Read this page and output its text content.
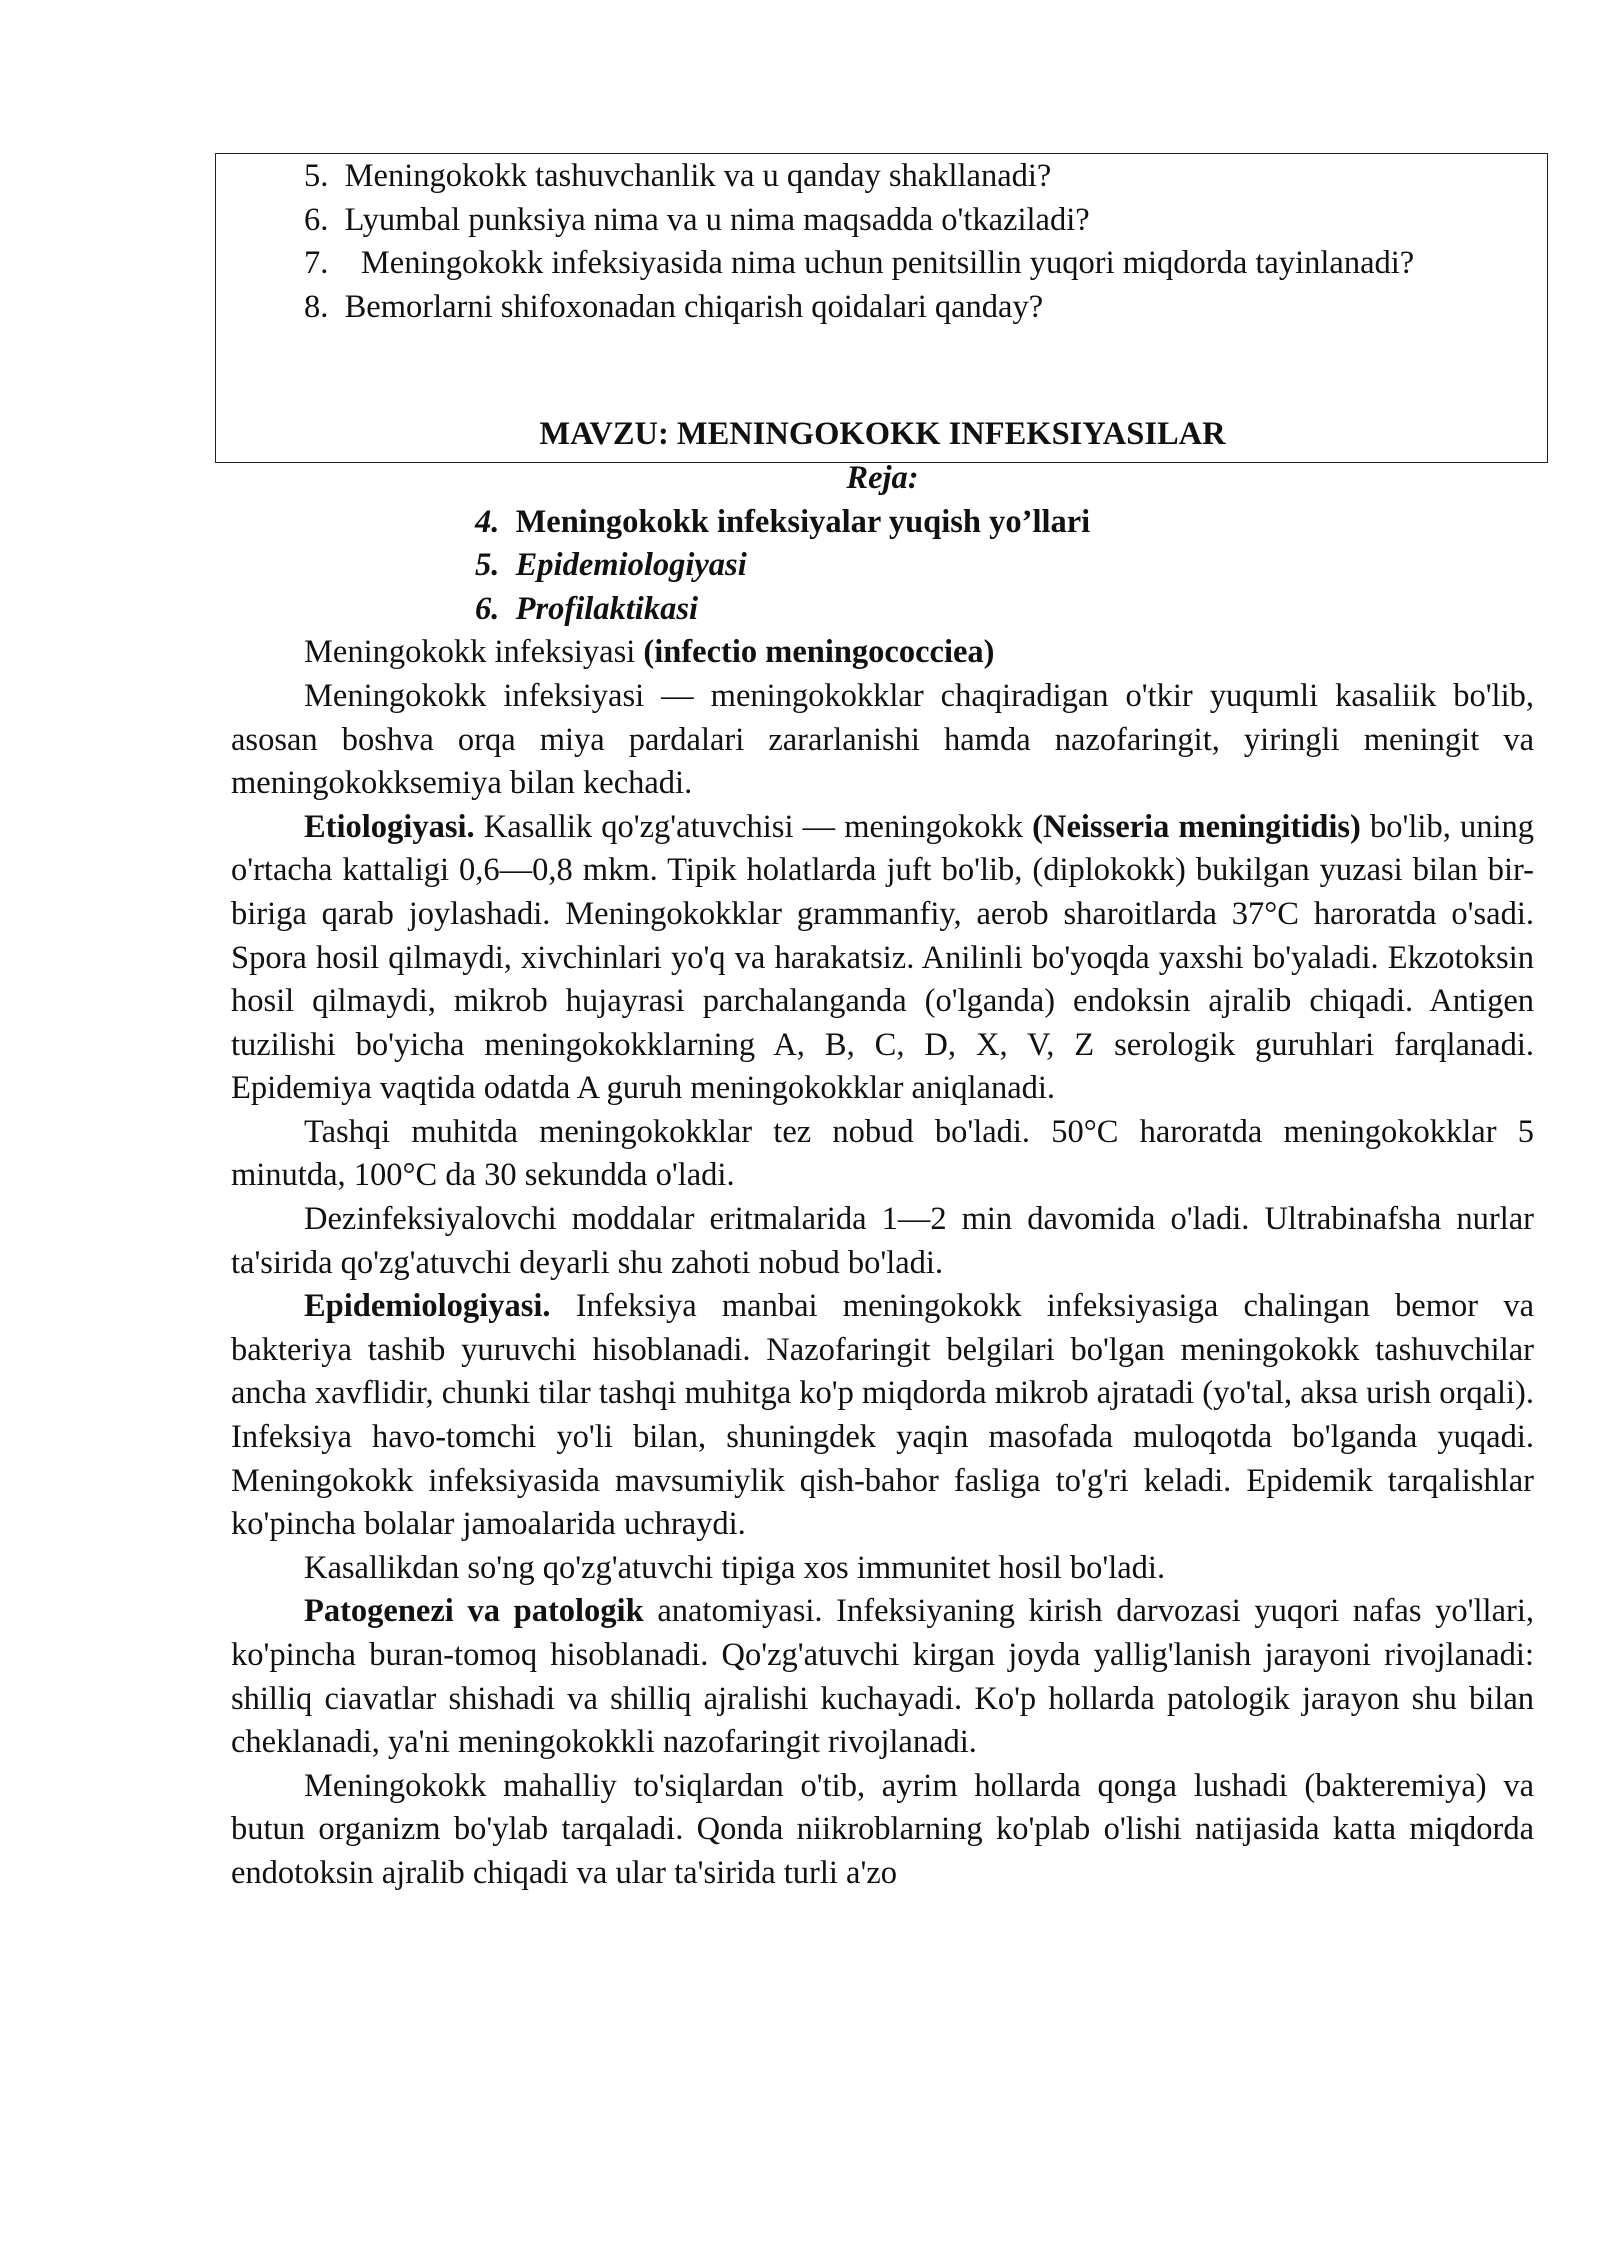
5. Meningokokk tashuvchanlik va u qanday shakllanadi?

6. Lyumbal punksiya nima va u nima maqsadda o'tkaziladi?

7. Meningokokk infeksiyasida nima uchun penitsillin yuqori miqdorda tayinlanadi?

8. Bemorlarni shifoxonadan chiqarish qoidalari qanday?

MAVZU: MENINGOKOKK INFEKSIYASILAR

Reja:

4. Meningokokk infeksiyalar yuqish yo’llari

5. Epidemiologiyasi

6. Profilaktikasi

Meningokokk infeksiyasi (infectio meningococciea)

Meningokokk infeksiyasi — meningokokklar chaqiradigan o'tkir yuqumli kasaliik bo'lib, asosan boshva orqa miya pardalari zararlanishi hamda nazofaringit, yiringli meningit va meningokokksemiya bilan kechadi.

Etiologiyasi. Kasallik qo'zg'atuvchisi — meningokokk (Neisseria meningitidis) bo'lib, uning o'rtacha kattaligi 0,6—0,8 mkm. Tipik holatlarda juft bo'lib, (diplokokk) bukilgan yuzasi bilan bir-biriga qarab joylashadi. Meningokokklar grammanfiy, aerob sharoitlarda 37°C haroratda o'sadi. Spora hosil qilmaydi, xivchinlari yo'q va harakatsiz. Anilinli bo'yoqda yaxshi bo'yaladi. Ekzotoksin hosil qilmaydi, mikrob hujayrasi parchalanganda (o'lganda) endoksin ajralib chiqadi. Antigen tuzilishi bo'yicha meningokokklarning A, B, C, D, X, V, Z serologik guruhlari farqlanadi. Epidemiya vaqtida odatda A guruh meningokokklar aniqlanadi.

Tashqi muhitda meningokokklar tez nobud bo'ladi. 50°C haroratda meningokokklar 5 minutda, 100°C da 30 sekundda o'ladi.

Dezinfeksiyalovchi moddalar eritmalarida 1—2 min davomida o'ladi. Ultrabinafsha nurlar ta'sirida qo'zg'atuvchi deyarli shu zahoti nobud bo'ladi.

Epidemiologiyasi. Infeksiya manbai meningokokk infeksiyasiga chalingan bemor va bakteriya tashib yuruvchi hisoblanadi. Nazofaringit belgilari bo'lgan meningokokk tashuvchilar ancha xavflidir, chunki tilar tashqi muhitga ko'p miqdorda mikrob ajratadi (yo'tal, aksa urish orqali). Infeksiya havo-tomchi yo'li bilan, shuningdek yaqin masofada muloqotda bo'lganda yuqadi. Meningokokk infeksiyasida mavsumiylik qish-bahor fasliga to'g'ri keladi. Epidemik tarqalishlar ko'pincha bolalar jamoalarida uchraydi.

Kasallikdan so'ng qo'zg'atuvchi tipiga xos immunitet hosil bo'ladi.

Patogenezi va patologik anatomiyasi. Infeksiyaning kirish darvozasi yuqori nafas yo'llari, ko'pincha buran-tomoq hisoblanadi. Qo'zg'atuvchi kirgan joyda yallig'lanish jarayoni rivojlanadi: shilliq ciavatlar shishadi va shilliq ajralishi kuchayadi. Ko'p hollarda patologik jarayon shu bilan cheklanadi, ya'ni meningokokkli nazofaringit rivojlanadi.

Meningokokk mahalliy to'siqlardan o'tib, ayrim hollarda qonga lushadi (bakteremiya) va butun organizm bo'ylab tarqaladi. Qonda niikroblarning ko'plab o'lishi natijasida katta miqdorda endotoksin ajralib chiqadi va ular ta'sirida turli a'zo
